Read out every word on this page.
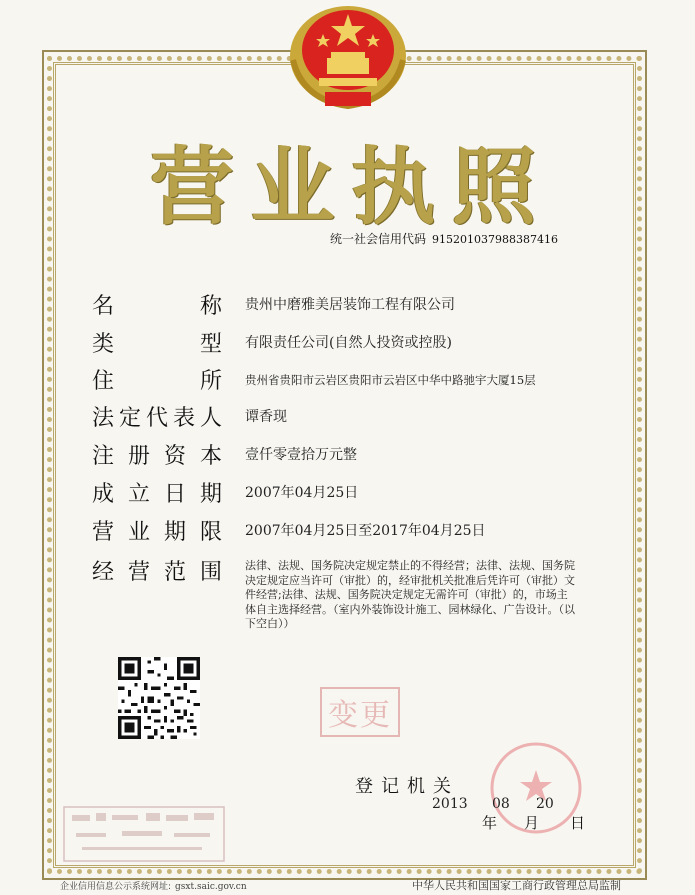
营 业 执 照
统一社会信用代码 915201037988387416
名	称 贵州中磨雅美居装饰工程有限公司
类	型 有限责任公司(自然人投资或控股)
住	所 贵州省贵阳市云岩区贵阳市云岩区中华中路驰宇大厦15层
法 定 代 表 人 谭香现
注 册 资 本 壹仟零壹拾万元整
成 立 日 期 2007年04月25日
营 业 期 限 2007年04月25日至2017年04月25日
经 营 范 围 法律、法规、国务院决定规定禁止的不得经营；法律、法规、国务院决定规定应当许可（审批）的，经审批机关批准后凭许可（审批）文件经营;法律、法规、国务院决定规定无需许可（审批）的，市场主体自主选择经营。（室内外装饰设计施工、园林绿化、广告设计。（以下空白））
变更
登记机关
2013 08 20
年 月 日
企业信用信息公示系统网址: gsxt.saic.gov.cn	中华人民共和国国家工商行政管理总局监制
